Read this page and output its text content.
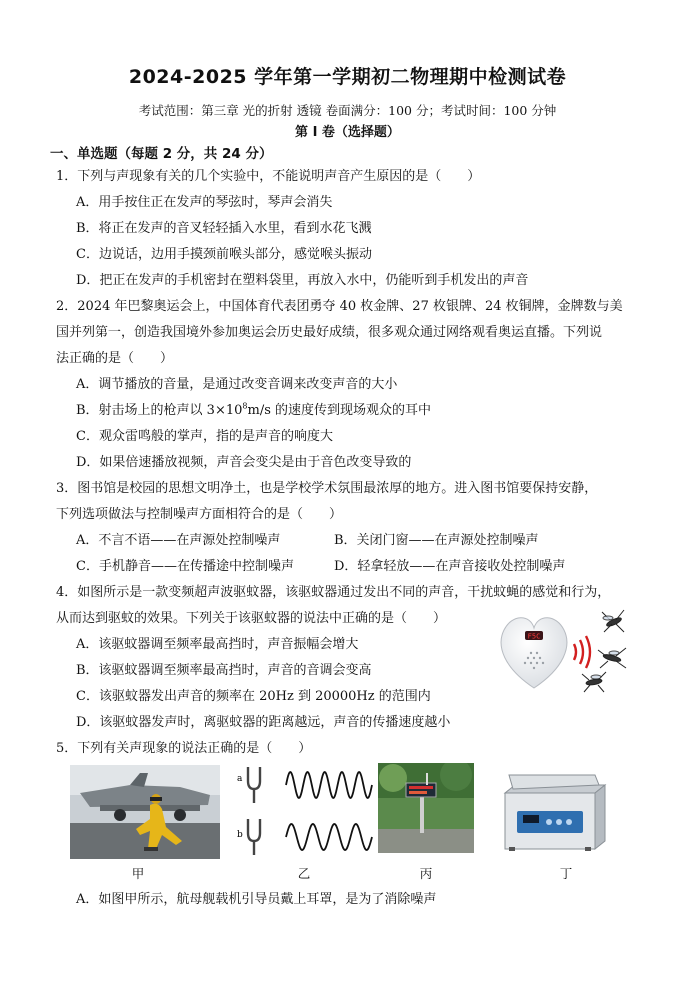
2024-2025 学年第一学期初二物理期中检测试卷
考试范围：第三章 光的折射 透镜 卷面满分：100 分；考试时间：100 分钟
第 I 卷（选择题）
一、单选题（每题 2 分，共 24 分）
1．下列与声现象有关的几个实验中，不能说明声音产生原因的是（　　）
A．用手按住正在发声的琴弦时，琴声会消失
B．将正在发声的音叉轻轻插入水里，看到水花飞溅
C．边说话，边用手摸颈前喉头部分，感觉喉头振动
D．把正在发声的手机密封在塑料袋里，再放入水中，仍能听到手机发出的声音
2．2024 年巴黎奥运会上，中国体育代表团勇夺 40 枚金牌、27 枚银牌、24 枚铜牌，金牌数与美
国并列第一，创造我国境外参加奥运会历史最好成绩，很多观众通过网络观看奥运直播。下列说
法正确的是（　　）
A．调节播放的音量，是通过改变音调来改变声音的大小
B．射击场上的枪声以 $3\times 10^8m/s$ 的速度传到现场观众的耳中
C．观众雷鸣般的掌声，指的是声音的响度大
D．如果倍速播放视频，声音会变尖是由于音色改变导致的
3．图书馆是校园的思想文明净土，也是学校学术氛围最浓厚的地方。进入图书馆要保持安静，
下列选项做法与控制噪声方面相符合的是（　　）
A．不言不语——在声源处控制噪声	B．关闭门窗——在声源处控制噪声
C．手机静音——在传播途中控制噪声	D．轻拿轻放——在声音接收处控制噪声
4．如图所示是一款变频超声波驱蚊器，该驱蚊器通过发出不同的声音，干扰蚊蝇的感觉和行为，
从而达到驱蚊的效果。下列关于该驱蚊器的说法中正确的是（　　）
A．该驱蚊器调至频率最高挡时，声音振幅会增大
B．该驱蚊器调至频率最高挡时，声音的音调会变高
C．该驱蚊器发出声音的频率在 20Hz 到 20000Hz 的范围内
D．该驱蚊器发声时，离驱蚊器的距离越远，声音的传播速度越小
F5C
5．下列有关声现象的说法正确的是（　　）
甲
a
b
乙	丙	丁
A．如图甲所示，航母舰载机引导员戴上耳罩，是为了消除噪声
